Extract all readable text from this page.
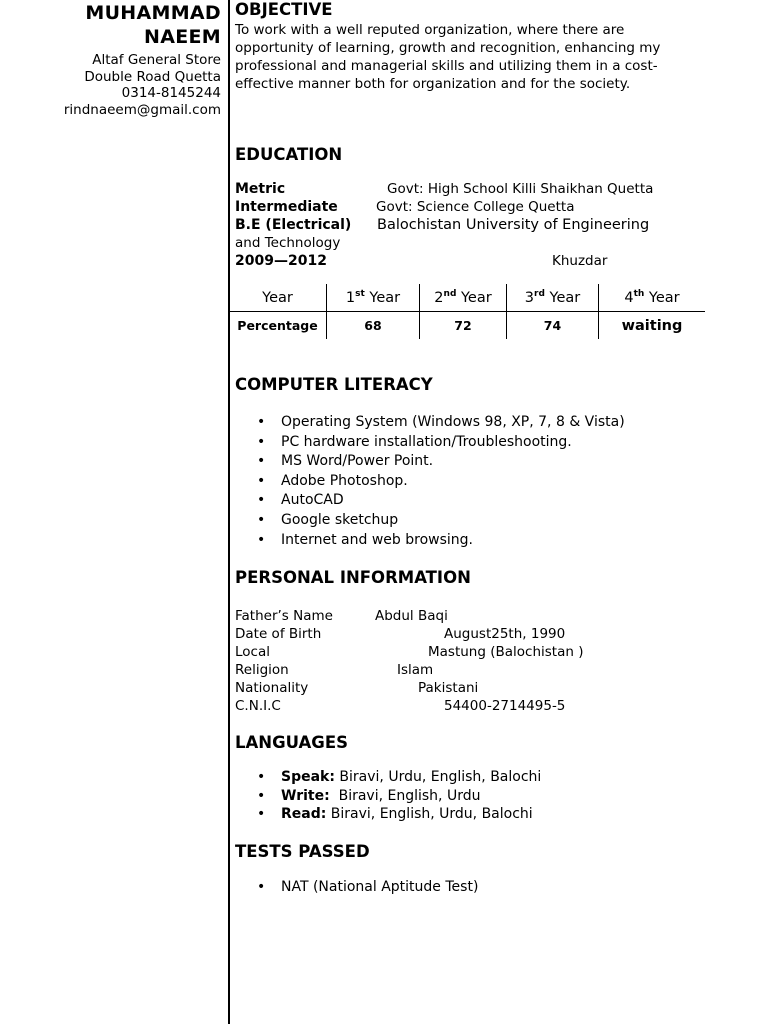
MUHAMMAD
NAEEM
Altaf General Store
Double Road Quetta
0314-8145244
rindnaeem@gmail.com
OBJECTIVE
To work with a well reputed organization, where there are opportunity of learning, growth and recognition, enhancing my professional and managerial skills and utilizing them in a cost-effective manner both for organization and for the society.
EDUCATION
Metric	Govt: High School Killi Shaikhan Quetta
Intermediate	Govt: Science College Quetta
B.E (Electrical) Balochistan University of Engineering
and Technology
2009—2012	Khuzdar
Year	1st Year	2nd Year	3rd Year	4th Year
Percentage	68	72	74	waiting
COMPUTER LITERACY
• Operating System (Windows 98, XP, 7, 8 & Vista)
• PC hardware installation/Troubleshooting.
• MS Word/Power Point.
• Adobe Photoshop.
• AutoCAD
• Google sketchup
• Internet and web browsing.
PERSONAL INFORMATION
Father’s Name	Abdul Baqi
Date of Birth	August25th, 1990
Local	Mastung (Balochistan )
Religion	Islam
Nationality	Pakistani
C.N.I.C	54400-2714495-5
LANGUAGES
• Speak: Biravi, Urdu, English, Balochi
• Write: Biravi, English, Urdu
• Read: Biravi, English, Urdu, Balochi
TESTS PASSED
• NAT (National Aptitude Test)
